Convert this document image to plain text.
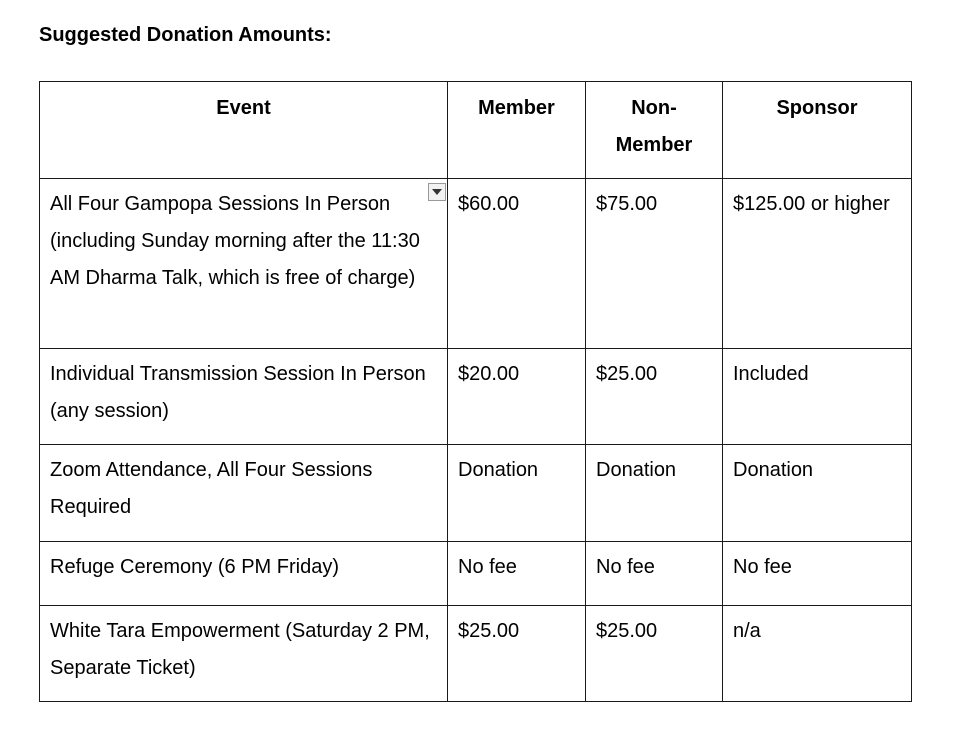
Suggested Donation Amounts:
Event	Member	Non-Member	Sponsor
All Four Gampopa Sessions In Person (including Sunday morning after the 11:30 AM Dharma Talk, which is free of charge)	$60.00	$75.00	$125.00 or higher
Individual Transmission Session In Person (any session)	$20.00	$25.00	Included
Zoom Attendance, All Four Sessions Required	Donation	Donation	Donation
Refuge Ceremony (6 PM Friday)	No fee	No fee	No fee
White Tara Empowerment (Saturday 2 PM, Separate Ticket)	$25.00	$25.00	n/a
